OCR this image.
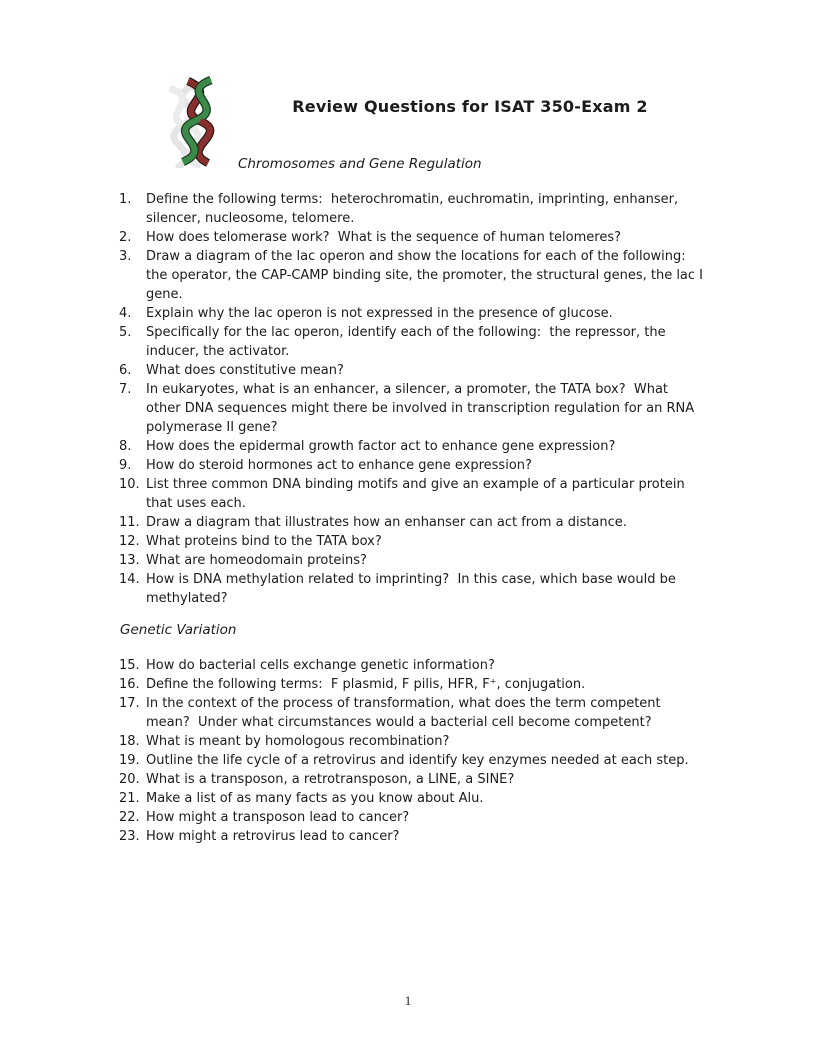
Review Questions for ISAT 350-Exam 2
Chromosomes and Gene Regulation
1.	Define the following terms:  heterochromatin, euchromatin, imprinting, enhanser, silencer, nucleosome, telomere.
2.	How does telomerase work?  What is the sequence of human telomeres?
3.	Draw a diagram of the lac operon and show the locations for each of the following:  the operator, the CAP-CAMP binding site, the promoter, the structural genes, the lac I gene.
4.	Explain why the lac operon is not expressed in the presence of glucose.
5.	Specifically for the lac operon, identify each of the following:  the repressor, the inducer, the activator.
6.	What does constitutive mean?
7.	In eukaryotes, what is an enhancer, a silencer, a promoter, the TATA box?  What other DNA sequences might there be involved in transcription regulation for an RNA polymerase II gene?
8.	How does the epidermal growth factor act to enhance gene expression?
9.	How do steroid hormones act to enhance gene expression?
10. List three common DNA binding motifs and give an example of a particular protein that uses each.
11. Draw a diagram that illustrates how an enhanser can act from a distance.
12. What proteins bind to the TATA box?
13. What are homeodomain proteins?
14. How is DNA methylation related to imprinting?  In this case, which base would be methylated?
Genetic Variation
15. How do bacterial cells exchange genetic information?
16. Define the following terms:  F plasmid, F pilis, HFR, F⁺, conjugation.
17. In the context of the process of transformation, what does the term competent mean?  Under what circumstances would a bacterial cell become competent?
18. What is meant by homologous recombination?
19. Outline the life cycle of a retrovirus and identify key enzymes needed at each step.
20. What is a transposon, a retrotransposon, a LINE, a SINE?
21. Make a list of as many facts as you know about Alu.
22. How might a transposon lead to cancer?
23. How might a retrovirus lead to cancer?
1
